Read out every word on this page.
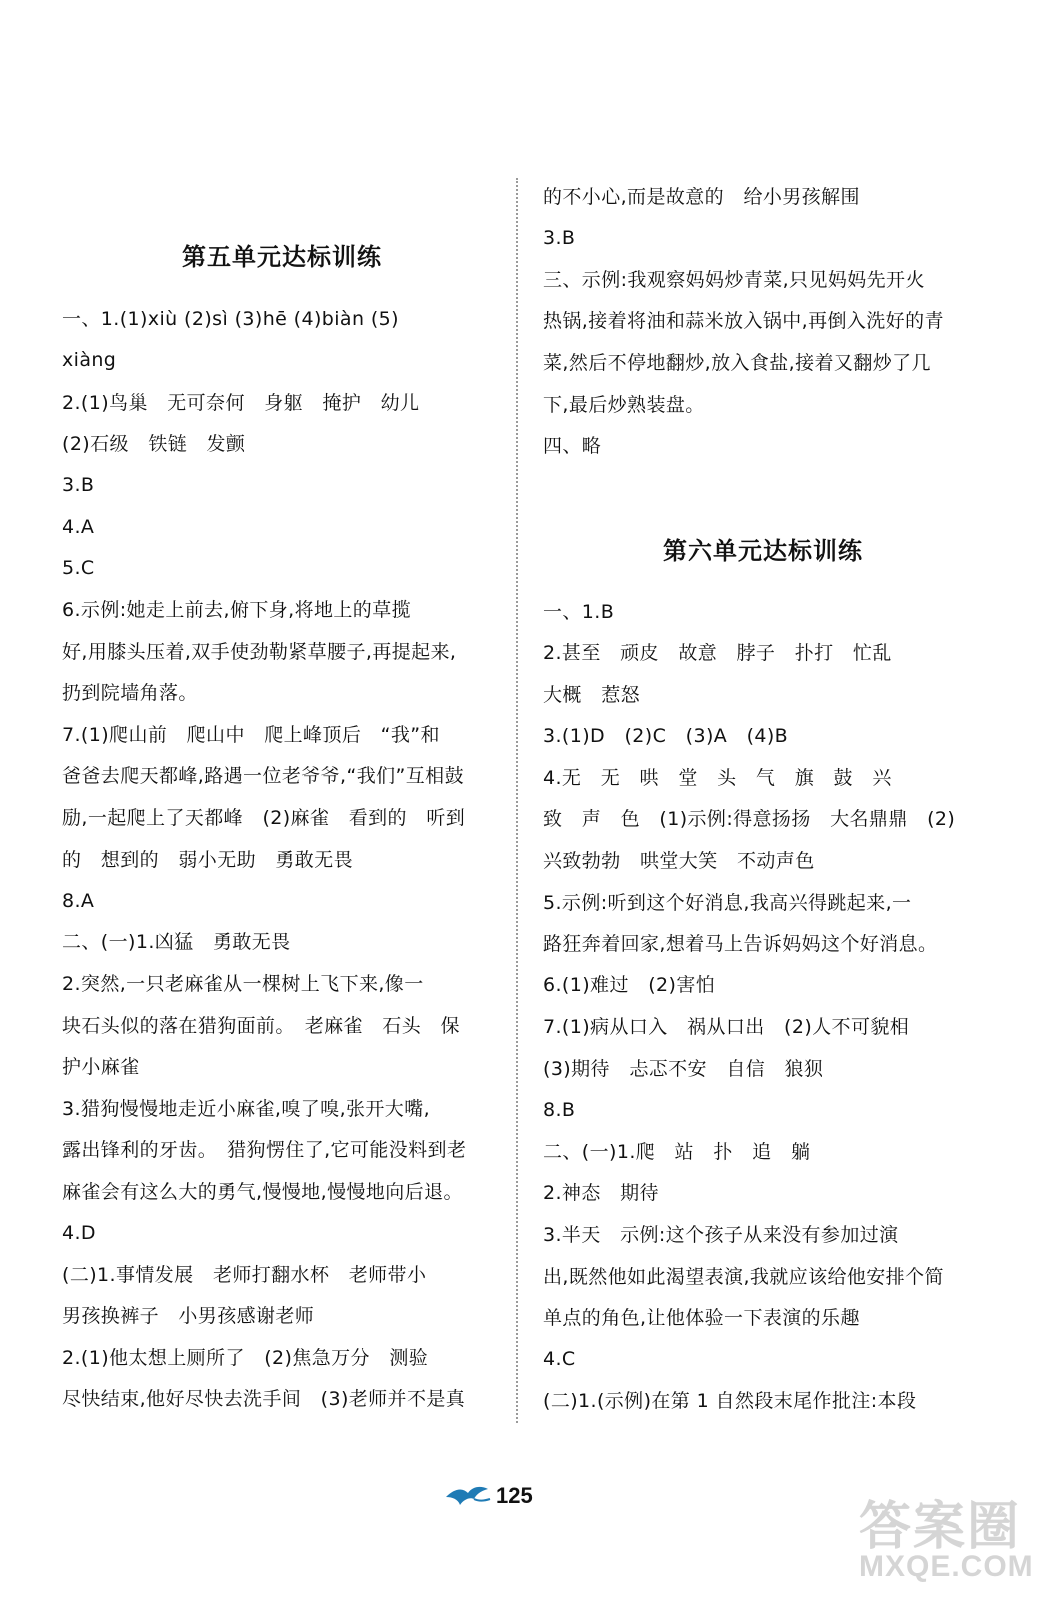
第五单元达标训练

一、1.(1)xiù (2)sì (3)hē (4)biàn (5)

xiàng

2.(1)鸟巢　无可奈何　身躯　掩护　幼儿

(2)石级　铁链　发颤

3.B

4.A

5.C

6.示例:她走上前去,俯下身,将地上的草揽

好,用膝头压着,双手使劲勒紧草腰子,再提起来,

扔到院墙角落。

7.(1)爬山前　爬山中　爬上峰顶后　“我”和

爸爸去爬天都峰,路遇一位老爷爷,“我们”互相鼓

励,一起爬上了天都峰　(2)麻雀　看到的　听到

的　想到的　弱小无助　勇敢无畏

8.A

二、(一)1.凶猛　勇敢无畏

2.突然,一只老麻雀从一棵树上飞下来,像一

块石头似的落在猎狗面前。　老麻雀　石头　保

护小麻雀

3.猎狗慢慢地走近小麻雀,嗅了嗅,张开大嘴,

露出锋利的牙齿。　猎狗愣住了,它可能没料到老

麻雀会有这么大的勇气,慢慢地,慢慢地向后退。

4.D

(二)1.事情发展　老师打翻水杯　老师带小

男孩换裤子　小男孩感谢老师

2.(1)他太想上厕所了　(2)焦急万分　测验

尽快结束,他好尽快去洗手间　(3)老师并不是真

的不小心,而是故意的　给小男孩解围

3.B

三、示例:我观察妈妈炒青菜,只见妈妈先开火

热锅,接着将油和蒜米放入锅中,再倒入洗好的青

菜,然后不停地翻炒,放入食盐,接着又翻炒了几

下,最后炒熟装盘。

四、略

第六单元达标训练

一、1.B

2.甚至　顽皮　故意　脖子　扑打　忙乱

大概　惹怒

3.(1)D　(2)C　(3)A　(4)B

4.无　无　哄　堂　头　气　旗　鼓　兴

致　声　色　(1)示例:得意扬扬　大名鼎鼎　(2)

兴致勃勃　哄堂大笑　不动声色

5.示例:听到这个好消息,我高兴得跳起来,一

路狂奔着回家,想着马上告诉妈妈这个好消息。

6.(1)难过　(2)害怕

7.(1)病从口入　祸从口出　(2)人不可貌相

(3)期待　忐忑不安　自信　狼狈

8.B

二、(一)1.爬　站　扑　追　躺

2.神态　期待

3.半天　示例:这个孩子从来没有参加过演

出,既然他如此渴望表演,我就应该给他安排个简

单点的角色,让他体验一下表演的乐趣

4.C

(二)1.(示例)在第 1 自然段末尾作批注:本段

125
答案圈
MXQE.COM
